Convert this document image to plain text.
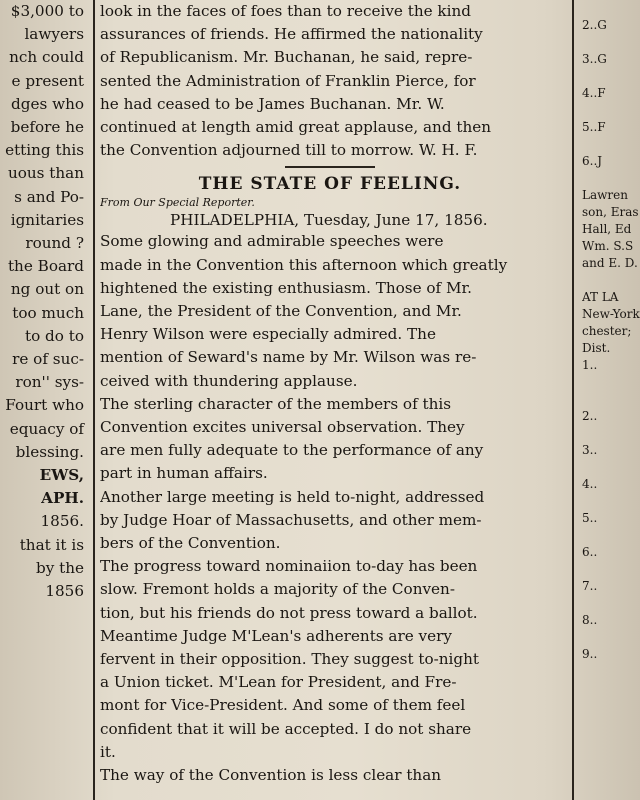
$3,000 to
lawyers
nch could
e present
dges who
before he
etting this
uous than
s and Po-
ignitaries
round ?
the Board
ng out on
too much
to do to
re of suc-
ron'' sys-
Fourt who
equacy of
blessing.
EWS,
APH.
1856.
that it is
by the
1856
look in the faces of foes than to receive the kind
assurances of friends. He affirmed the nationality
of Republicanism. Mr. Buchanan, he said, repre-
sented the Administration of Franklin Pierce, for
he had ceased to be James Buchanan. Mr. W.
continued at length amid great applause, and then
the Convention adjourned till to morrow. W. H. F.
THE STATE OF FEELING.
From Our Special Reporter.
PHILADELPHIA, Tuesday, June 17, 1856.
Some glowing and admirable speeches were
made in the Convention this afternoon which greatly
hightened the existing enthusiasm. Those of Mr.
Lane, the President of the Convention, and Mr.
Henry Wilson were especially admired. The
mention of Seward's name by Mr. Wilson was re-
ceived with thundering applause.
The sterling character of the members of this
Convention excites universal observation. They
are men fully adequate to the performance of any
part in human affairs.
Another large meeting is held to-night, addressed
by Judge Hoar of Massachusetts, and other mem-
bers of the Convention.
The progress toward nominaiion to-day has been
slow. Fremont holds a majority of the Conven-
tion, but his friends do not press toward a ballot.
Meantime Judge M'Lean's adherents are very
fervent in their opposition. They suggest to-night
a Union ticket. M'Lean for President, and Fre-
mont for Vice-President. And some of them feel
confident that it will be accepted. I do not share
it.
The way of the Convention is less clear than

2..G

3..G

4..F

5..F

6..J

Lawren
son, Eras
Hall, Ed
Wm. S.S
and E. D.

AT LA
New-York
chester;
Dist.
1..

2..

3..

4..

5..

6..

7..

8..

9..
